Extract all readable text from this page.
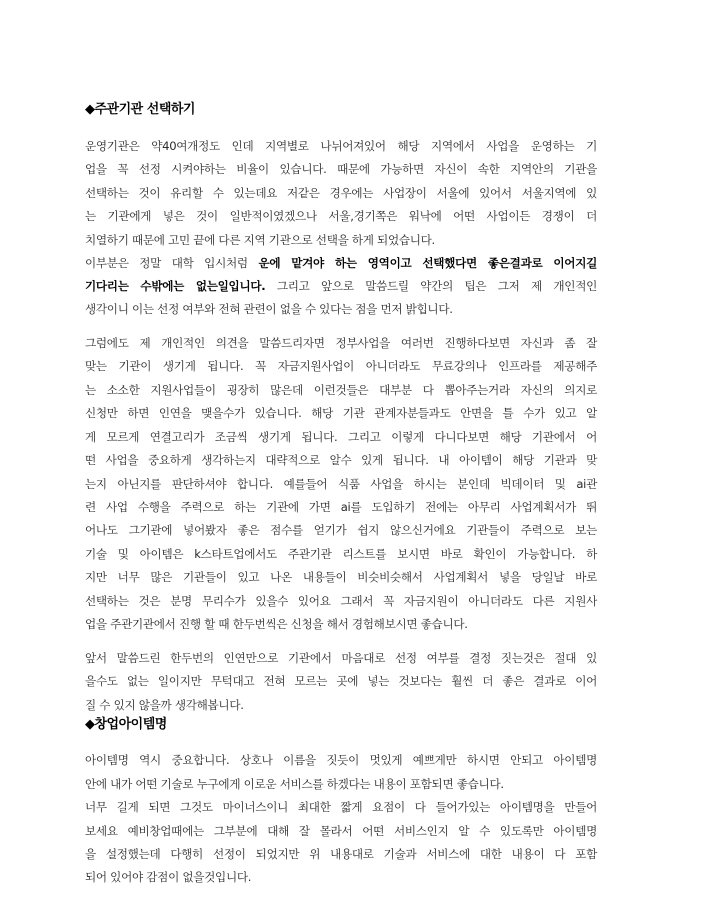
◆주관기관 선택하기
운영기관은 약40여개정도 인데 지역별로 나뉘어져있어 해당 지역에서 사업을 운영하는 기
업을 꼭 선정 시켜야하는 비율이 있습니다. 때문에 가능하면 자신이 속한 지역안의 기관을
선택하는 것이 유리할 수 있는데요 저같은 경우에는 사업장이 서울에 있어서 서울지역에 있
는 기관에게 넣은 것이 일반적이였겠으나 서울,경기쪽은 워낙에 어떤 사업이든 경쟁이 더
치열하기 때문에 고민 끝에 다른 지역 기관으로 선택을 하게 되었습니다.
이부분은 정말 대학 입시처럼 운에 맡겨야 하는 영역이고 선택했다면 좋은결과로 이어지길
기다리는 수밖에는 없는일입니다. 그리고 앞으로 말씀드릴 약간의 팁은 그저 제 개인적인
생각이니 이는 선정 여부와 전혀 관련이 없을 수 있다는 점을 먼저 밝힙니다.
그럼에도 제 개인적인 의견을 말씀드리자면 정부사업을 여러번 진행하다보면 자신과 좀 잘
맞는 기관이 생기게 됩니다. 꼭 자금지원사업이 아니더라도 무료강의나 인프라를 제공해주
는 소소한 지원사업들이 굉장히 많은데 이런것들은 대부분 다 뽑아주는거라 자신의 의지로
신청만 하면 인연을 맺을수가 있습니다. 해당 기관 관계자분들과도 안면을 틀 수가 있고 알
게 모르게 연결고리가 조금씩 생기게 됩니다. 그리고 이렇게 다니다보면 해당 기관에서 어
떤 사업을 중요하게 생각하는지 대략적으로 알수 있게 됩니다. 내 아이템이 해당 기관과 맞
는지 아닌지를 판단하셔야 합니다. 예를들어 식품 사업을 하시는 분인데 빅데이터 및 ai관
련 사업 수행을 주력으로 하는 기관에 가면 ai를 도입하기 전에는 아무리 사업계획서가 뛰
어나도 그기관에 넣어봤자 좋은 점수를 얻기가 쉽지 않으신거에요 기관들이 주력으로 보는
기술 및 아이템은 k스타트업에서도 주관기관 리스트를 보시면 바로 확인이 가능합니다. 하
지만 너무 많은 기관들이 있고 나온 내용들이 비슷비슷해서 사업계획서 넣을 당일날 바로
선택하는 것은 분명 무리수가 있을수 있어요 그래서 꼭 자금지원이 아니더라도 다른 지원사
업을 주관기관에서 진행 할 때 한두번씩은 신청을 해서 경험해보시면 좋습니다.
앞서 말씀드린 한두번의 인연만으로 기관에서 마음대로 선정 여부를 결정 짓는것은 절대 있
을수도 없는 일이지만 무턱대고 전혀 모르는 곳에 넣는 것보다는 훨씬 더 좋은 결과로 이어
질 수 있지 않을까 생각해봅니다.
◆창업아이템명
아이템명 역시 중요합니다. 상호나 이름을 짓듯이 멋있게 예쁘게만 하시면 안되고 아이템명
안에 내가 어떤 기술로 누구에게 이로운 서비스를 하겠다는 내용이 포함되면 좋습니다.
너무 길게 되면 그것도 마이너스이니 최대한 짧게 요점이 다 들어가있는 아이템명을 만들어
보세요 예비창업때에는 그부분에 대해 잘 몰라서 어떤 서비스인지 알 수 있도록만 아이템명
을 설정했는데 다행히 선정이 되었지만 위 내용대로 기술과 서비스에 대한 내용이 다 포함
되어 있어야 감점이 없을것입니다.
